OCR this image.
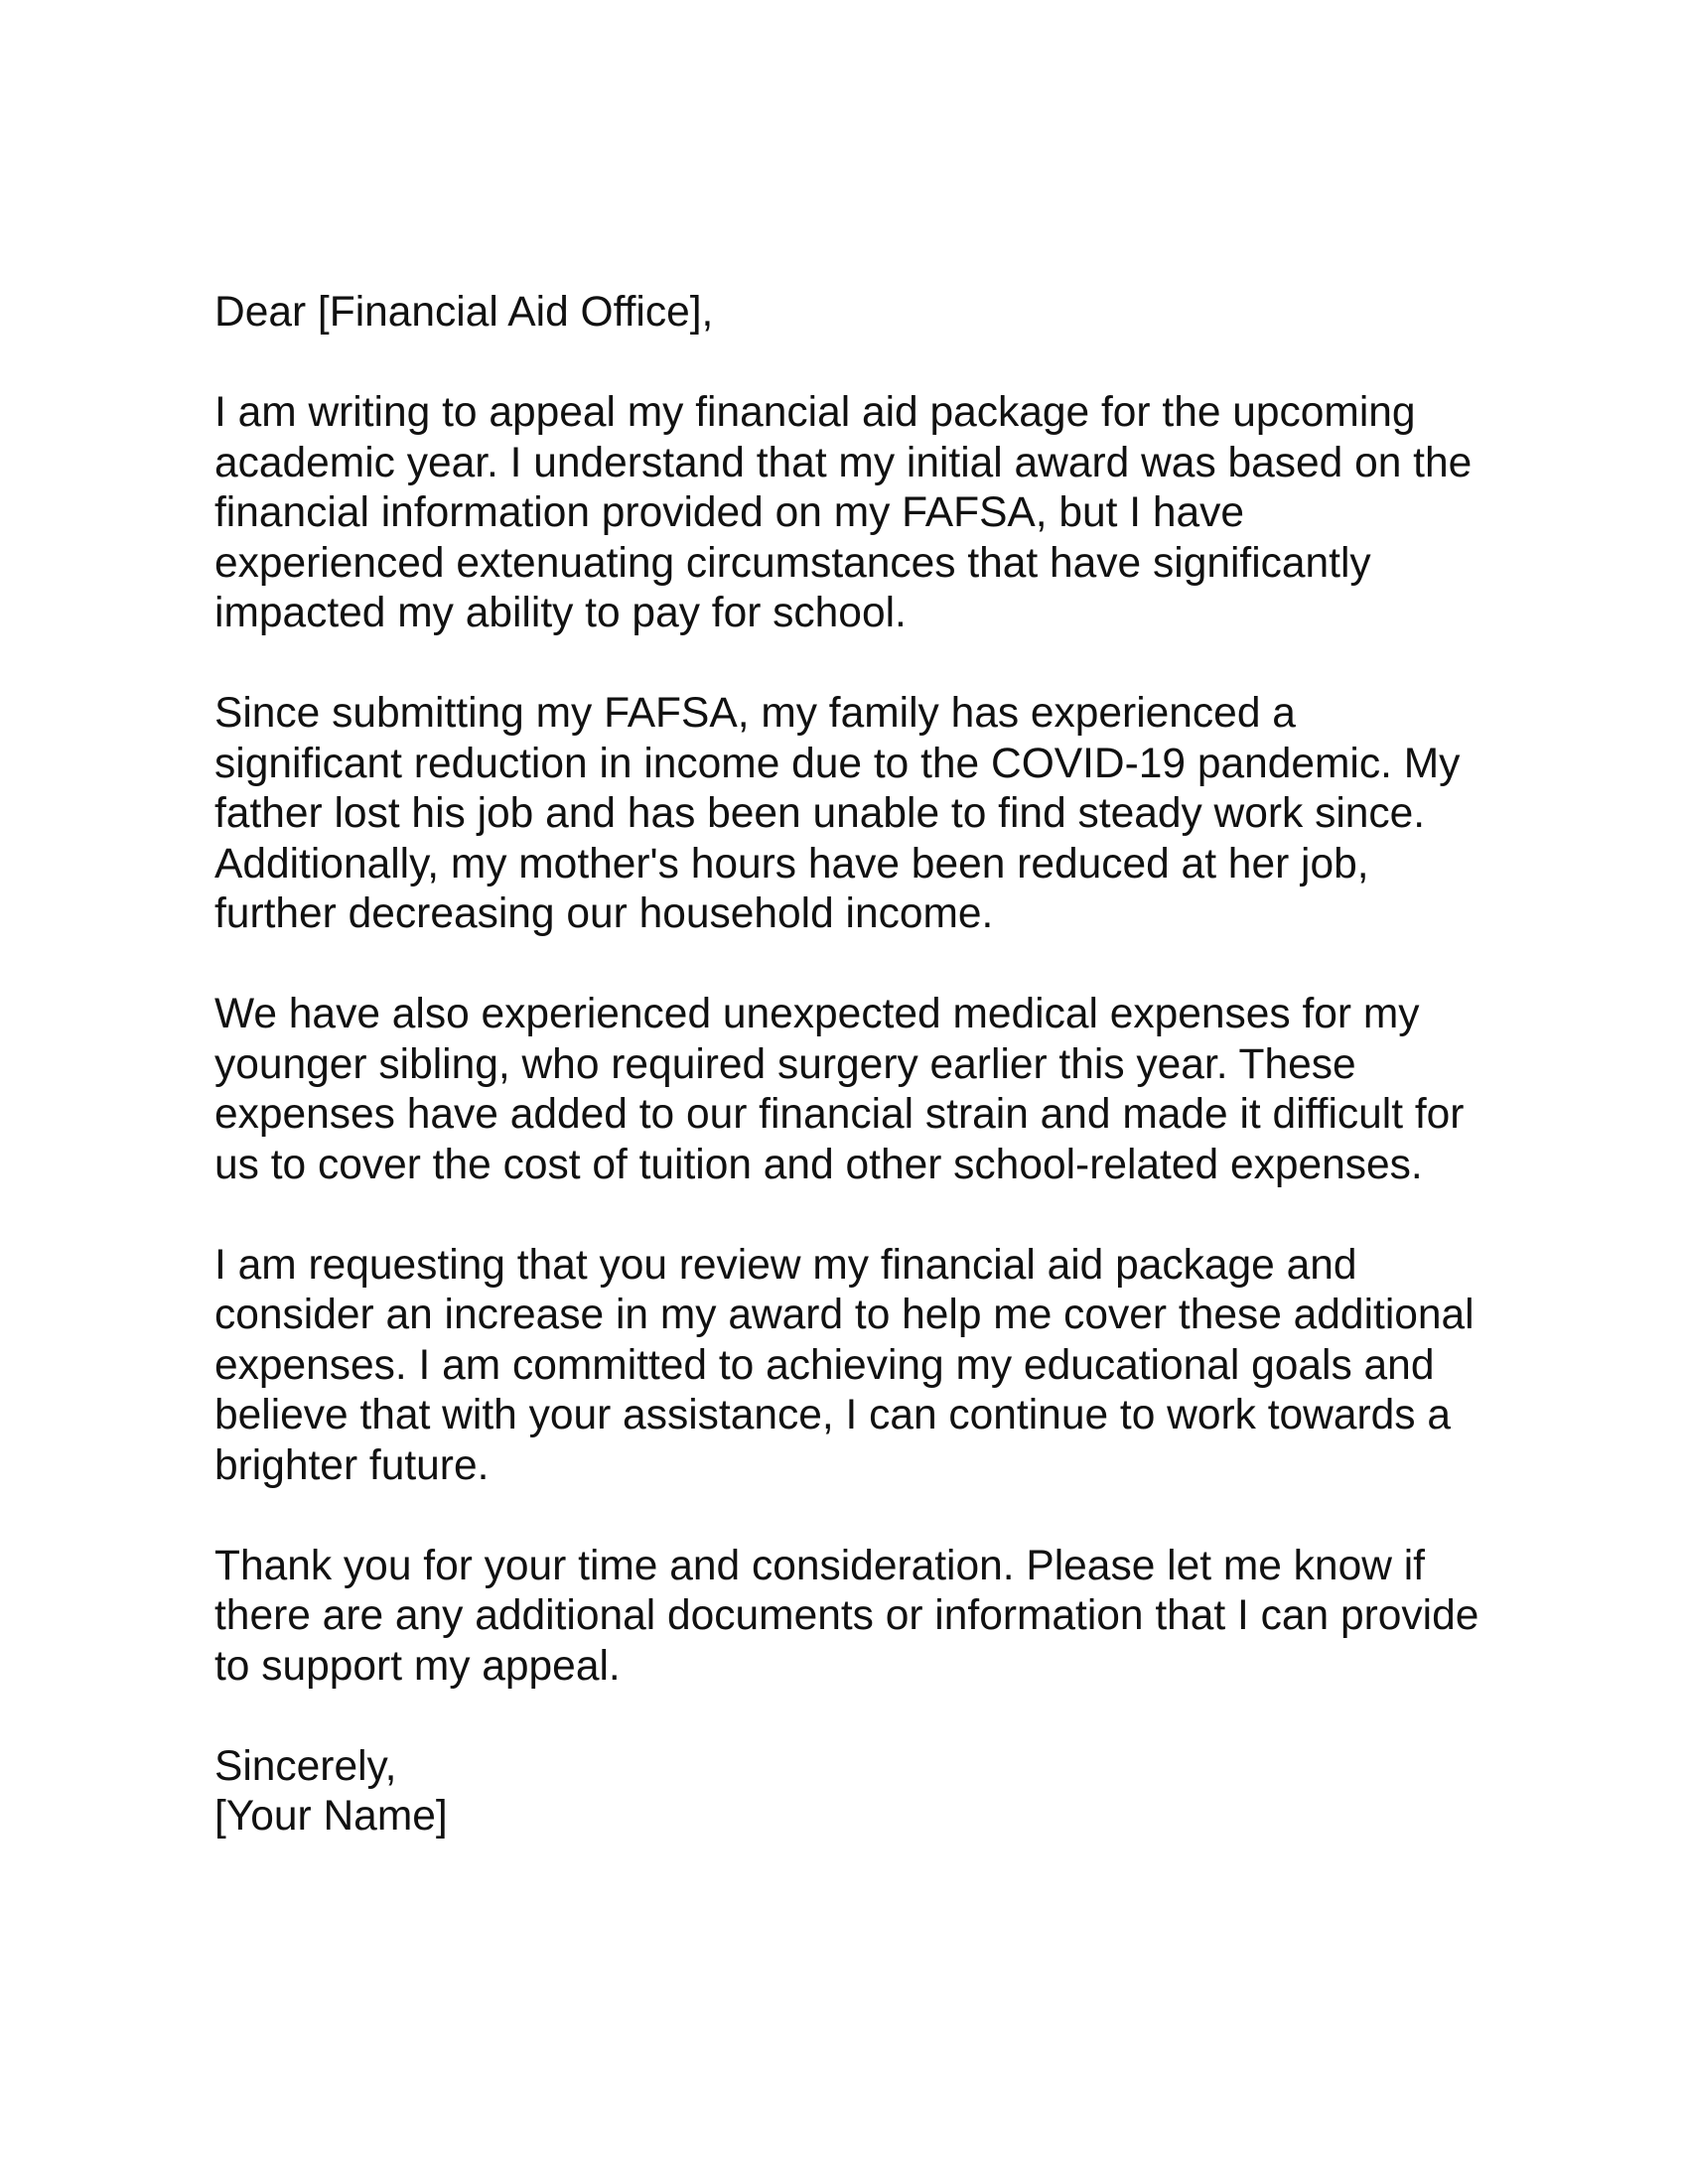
Dear [Financial Aid Office],
I am writing to appeal my financial aid package for the upcoming
academic year. I understand that my initial award was based on the
financial information provided on my FAFSA, but I have
experienced extenuating circumstances that have significantly
impacted my ability to pay for school.
Since submitting my FAFSA, my family has experienced a
significant reduction in income due to the COVID-19 pandemic. My
father lost his job and has been unable to find steady work since.
Additionally, my mother's hours have been reduced at her job,
further decreasing our household income.
We have also experienced unexpected medical expenses for my
younger sibling, who required surgery earlier this year. These
expenses have added to our financial strain and made it difficult for
us to cover the cost of tuition and other school-related expenses.
I am requesting that you review my financial aid package and
consider an increase in my award to help me cover these additional
expenses. I am committed to achieving my educational goals and
believe that with your assistance, I can continue to work towards a
brighter future.
Thank you for your time and consideration. Please let me know if
there are any additional documents or information that I can provide
to support my appeal.
Sincerely,
[Your Name]
